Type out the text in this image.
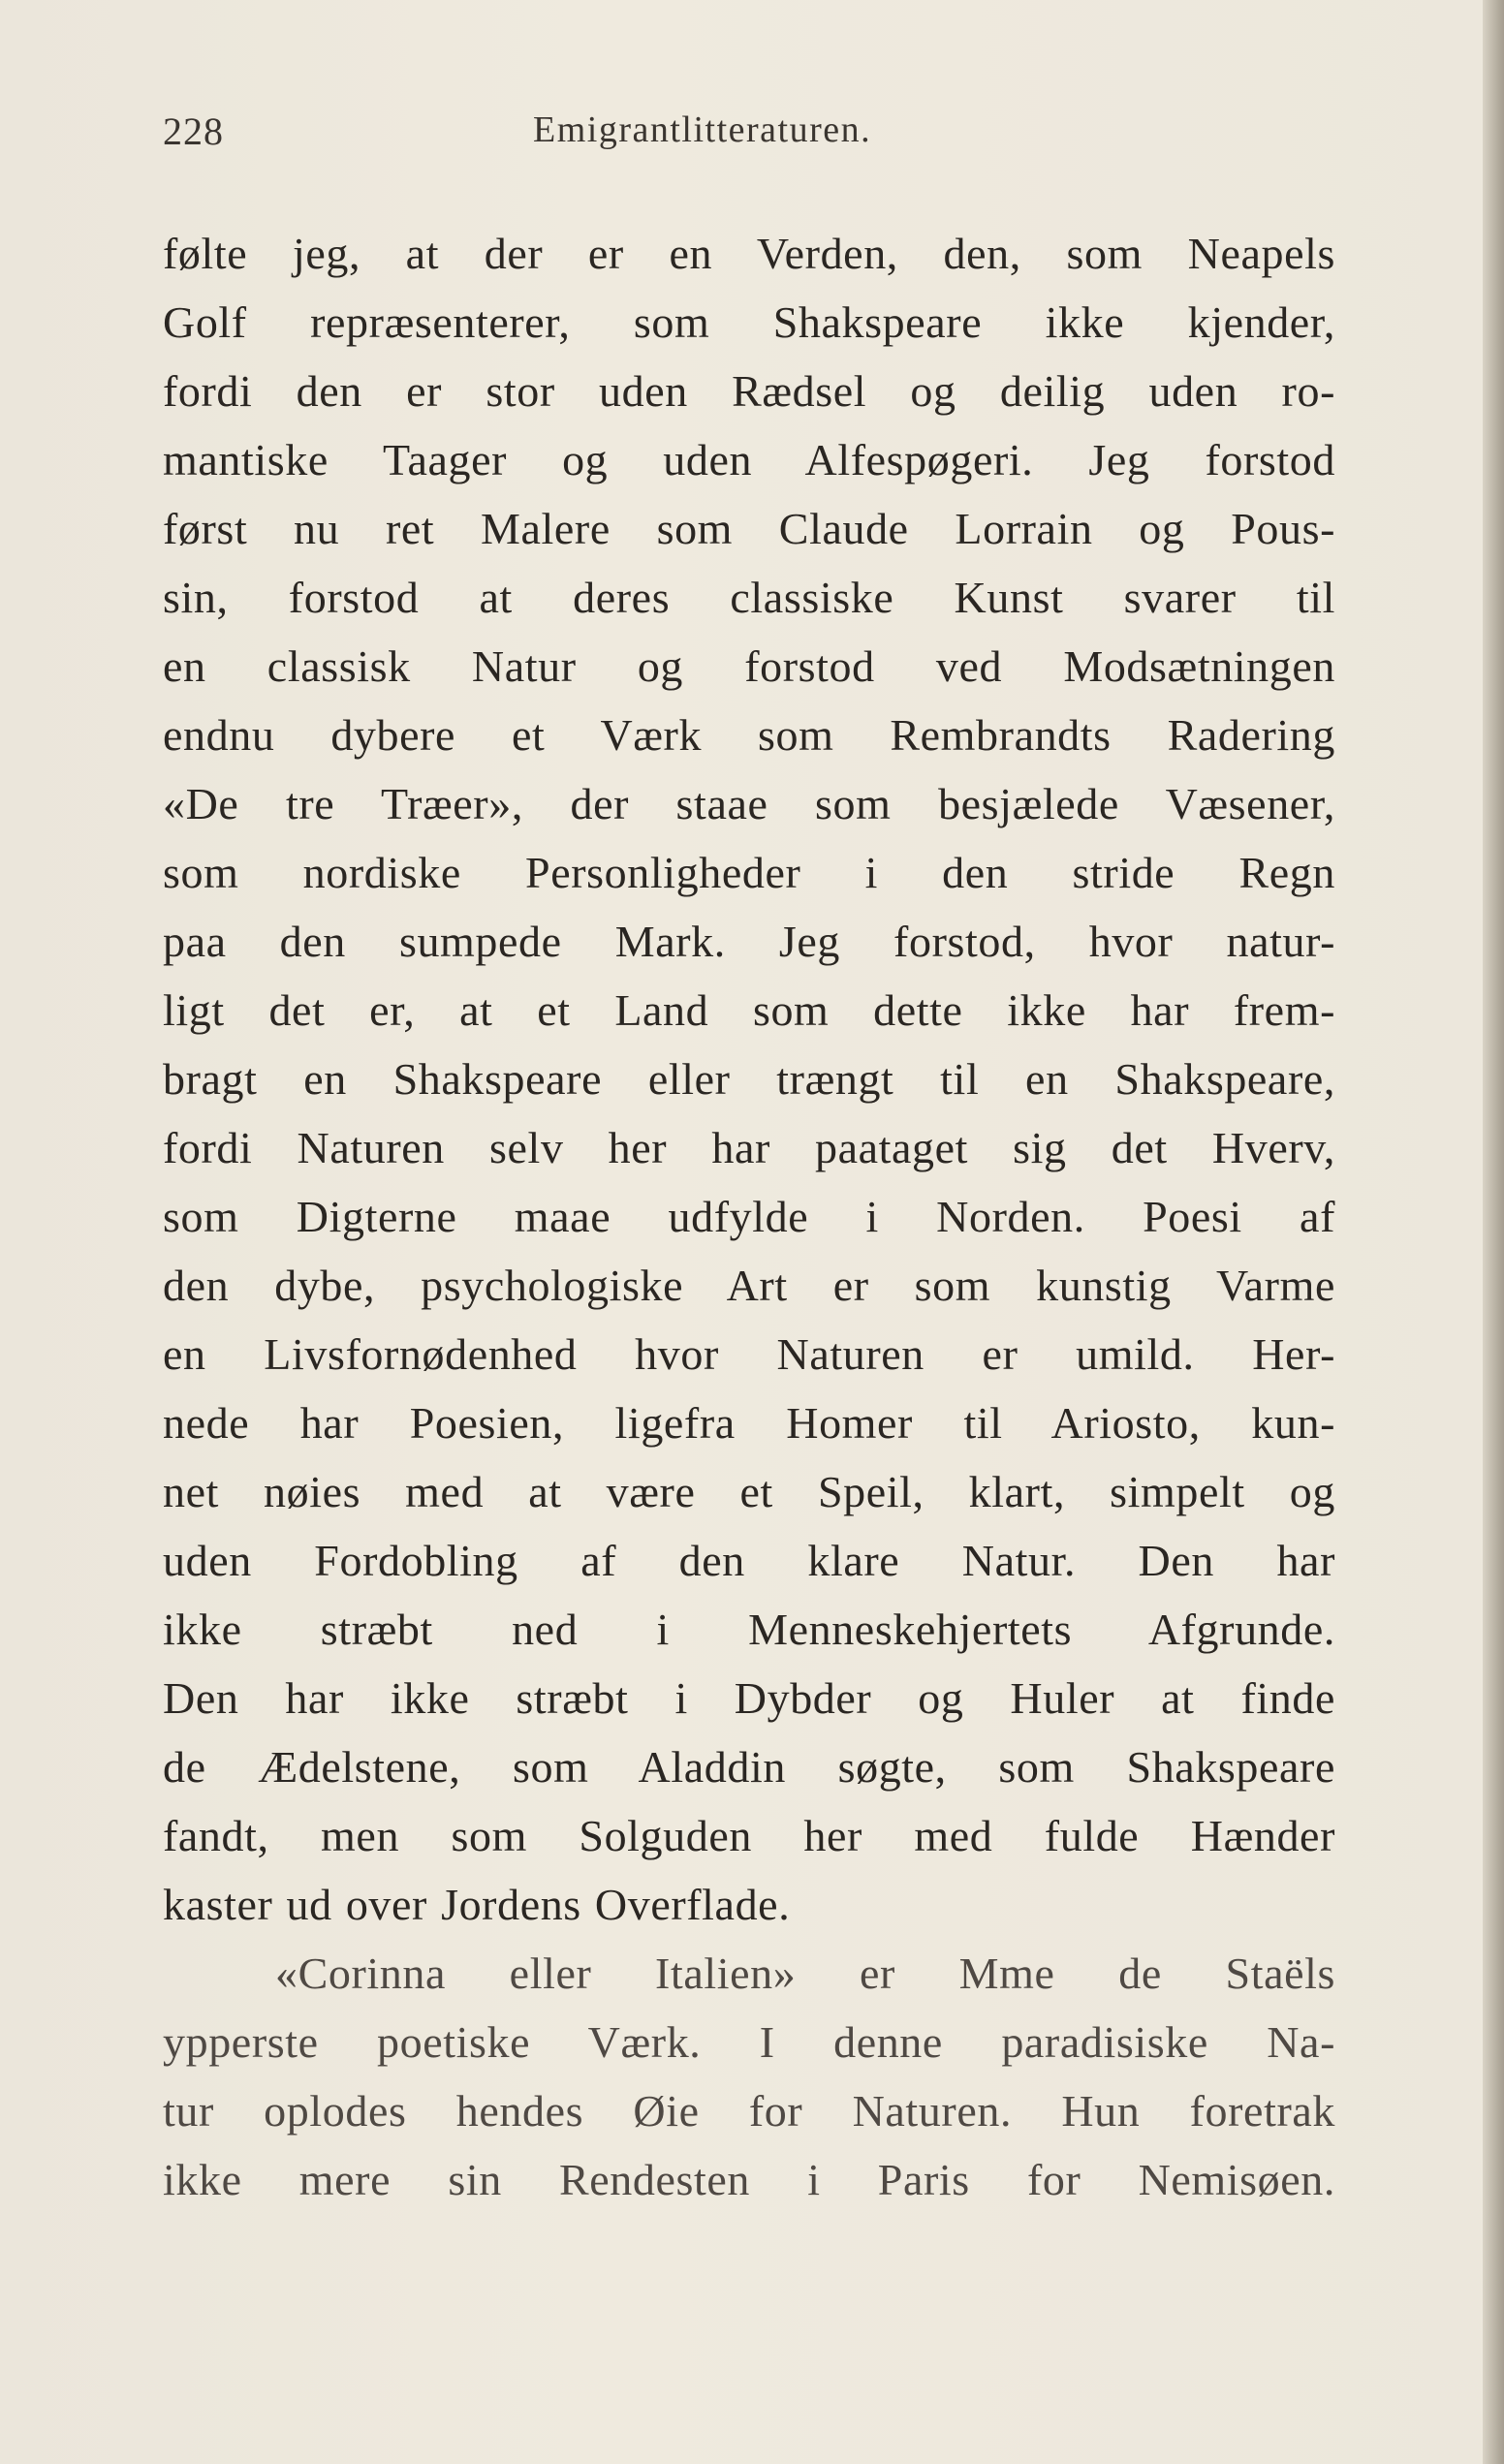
228	Emigrantlitteraturen.
følte jeg, at der er en Verden, den, som Neapels
Golf repræsenterer, som Shakspeare ikke kjender,
fordi den er stor uden Rædsel og deilig uden ro-
mantiske Taager og uden Alfespøgeri. Jeg forstod
først nu ret Malere som Claude Lorrain og Pous-
sin, forstod at deres classiske Kunst svarer til
en classisk Natur og forstod ved Modsætningen
endnu dybere et Værk som Rembrandts Radering
«De tre Træer», der staae som besjælede Væsener,
som nordiske Personligheder i den stride Regn
paa den sumpede Mark. Jeg forstod, hvor natur-
ligt det er, at et Land som dette ikke har frem-
bragt en Shakspeare eller trængt til en Shakspeare,
fordi Naturen selv her har paataget sig det Hverv,
som Digterne maae udfylde i Norden. Poesi af
den dybe, psychologiske Art er som kunstig Varme
en Livsfornødenhed hvor Naturen er umild. Her-
nede har Poesien, ligefra Homer til Ariosto, kun-
net nøies med at være et Speil, klart, simpelt og
uden Fordobling af den klare Natur. Den har
ikke stræbt ned i Menneskehjertets Afgrunde.
Den har ikke stræbt i Dybder og Huler at finde
de Ædelstene, som Aladdin søgte, som Shakspeare
fandt, men som Solguden her med fulde Hænder
kaster ud over Jordens Overflade.
«Corinna eller Italien» er Mme de Staëls
ypperste poetiske Værk. I denne paradisiske Na-
tur oplodes hendes Øie for Naturen. Hun foretrak
ikke mere sin Rendesten i Paris for Nemisøen.
